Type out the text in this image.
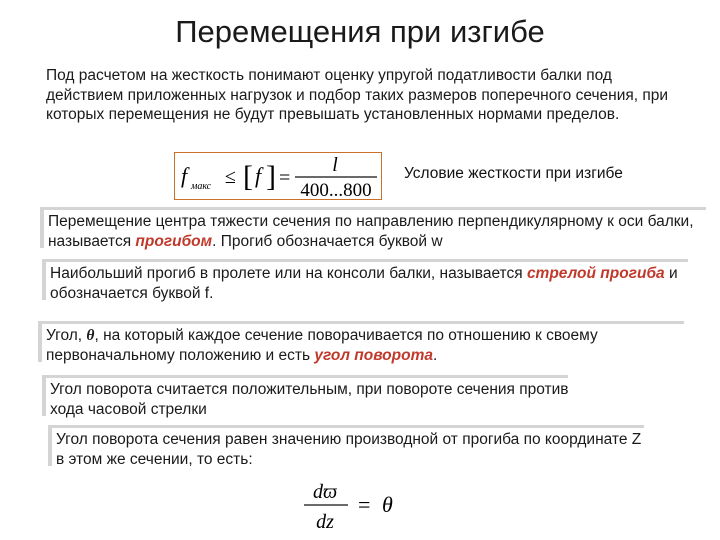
Перемещения при изгибе
Под расчетом на жесткость понимают оценку упругой податливости балки под действием приложенных нагрузок и подбор таких размеров поперечного сечения, при которых перемещения не будут превышать установленных нормами пределов.
f макс ≤ [ f ] =
l
400...800
Условие жесткости при изгибе
Перемещение центра тяжести сечения по направлению перпендикулярному к оси балки, называется прогибом. Прогиб обозначается буквой w
Наибольший прогиб в пролете или на консоли балки, называется стрелой прогиба и обозначается буквой f.
Угол, θ, на который каждое сечение поворачивается по отношению к своему первоначальному положению и есть угол поворота.
Угол поворота считается положительным, при повороте сечения против хода часовой стрелки
Угол поворота сечения равен значению производной от прогиба по координате Z в этом же сечении, то есть:
dϖ
dz
= θ
